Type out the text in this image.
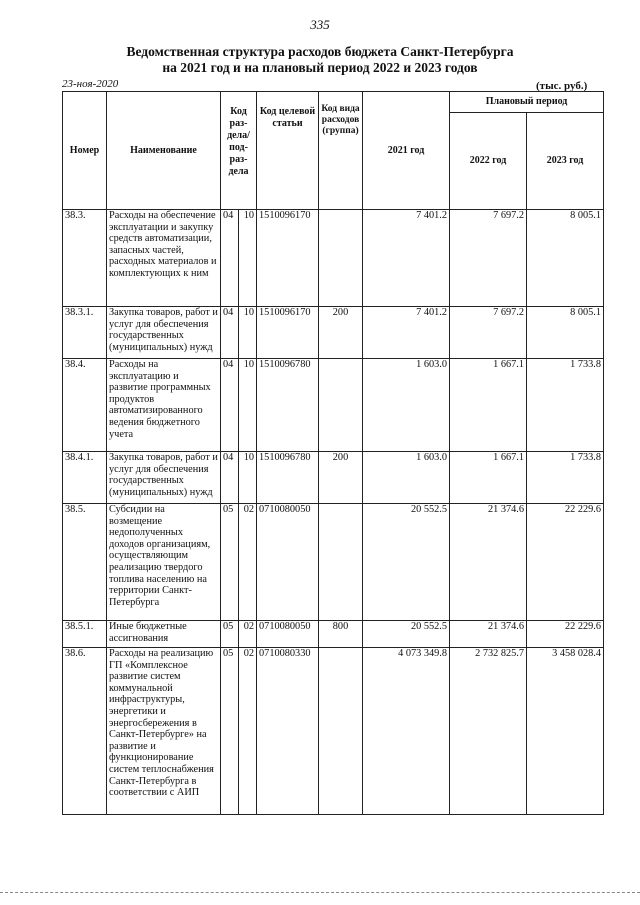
335
Ведомственная структура расходов бюджета Санкт-Петербурга
на 2021 год и на плановый период 2022 и 2023 годов
23-ноя-2020	(тыс. руб.)
Номер	Наименование	Код раз- дела/ под- раз- дела		Код целевой статьи	Код вида расходов (группа)	2021 год	Плановый период	
							2022 год	2023 год
38.3.	Расходы на обеспечение эксплуатации и закупку средств автоматизации, запасных частей, расходных материалов и комплектующих к ним	04	10	1510096170		7 401.2	7 697.2	8 005.1
38.3.1.	Закупка товаров, работ и услуг для обеспечения государственных (муниципальных) нужд	04	10	1510096170	200	7 401.2	7 697.2	8 005.1
38.4.	Расходы на эксплуатацию и развитие программных продуктов автоматизированного ведения бюджетного учета	04	10	1510096780		1 603.0	1 667.1	1 733.8
38.4.1.	Закупка товаров, работ и услуг для обеспечения государственных (муниципальных) нужд	04	10	1510096780	200	1 603.0	1 667.1	1 733.8
38.5.	Субсидии на возмещение недополученных доходов организациям, осуществляющим реализацию твердого топлива населению на территории Санкт-Петербурга	05	02	0710080050		20 552.5	21 374.6	22 229.6
38.5.1.	Иные бюджетные ассигнования	05	02	0710080050	800	20 552.5	21 374.6	22 229.6
38.6.	Расходы на реализацию ГП «Комплексное развитие систем коммунальной инфраструктуры, энергетики и энергосбережения в Санкт-Петербурге» на развитие и функционирование систем теплоснабжения Санкт-Петербурга в соответствии с АИП	05	02	0710080330		4 073 349.8	2 732 825.7	3 458 028.4
